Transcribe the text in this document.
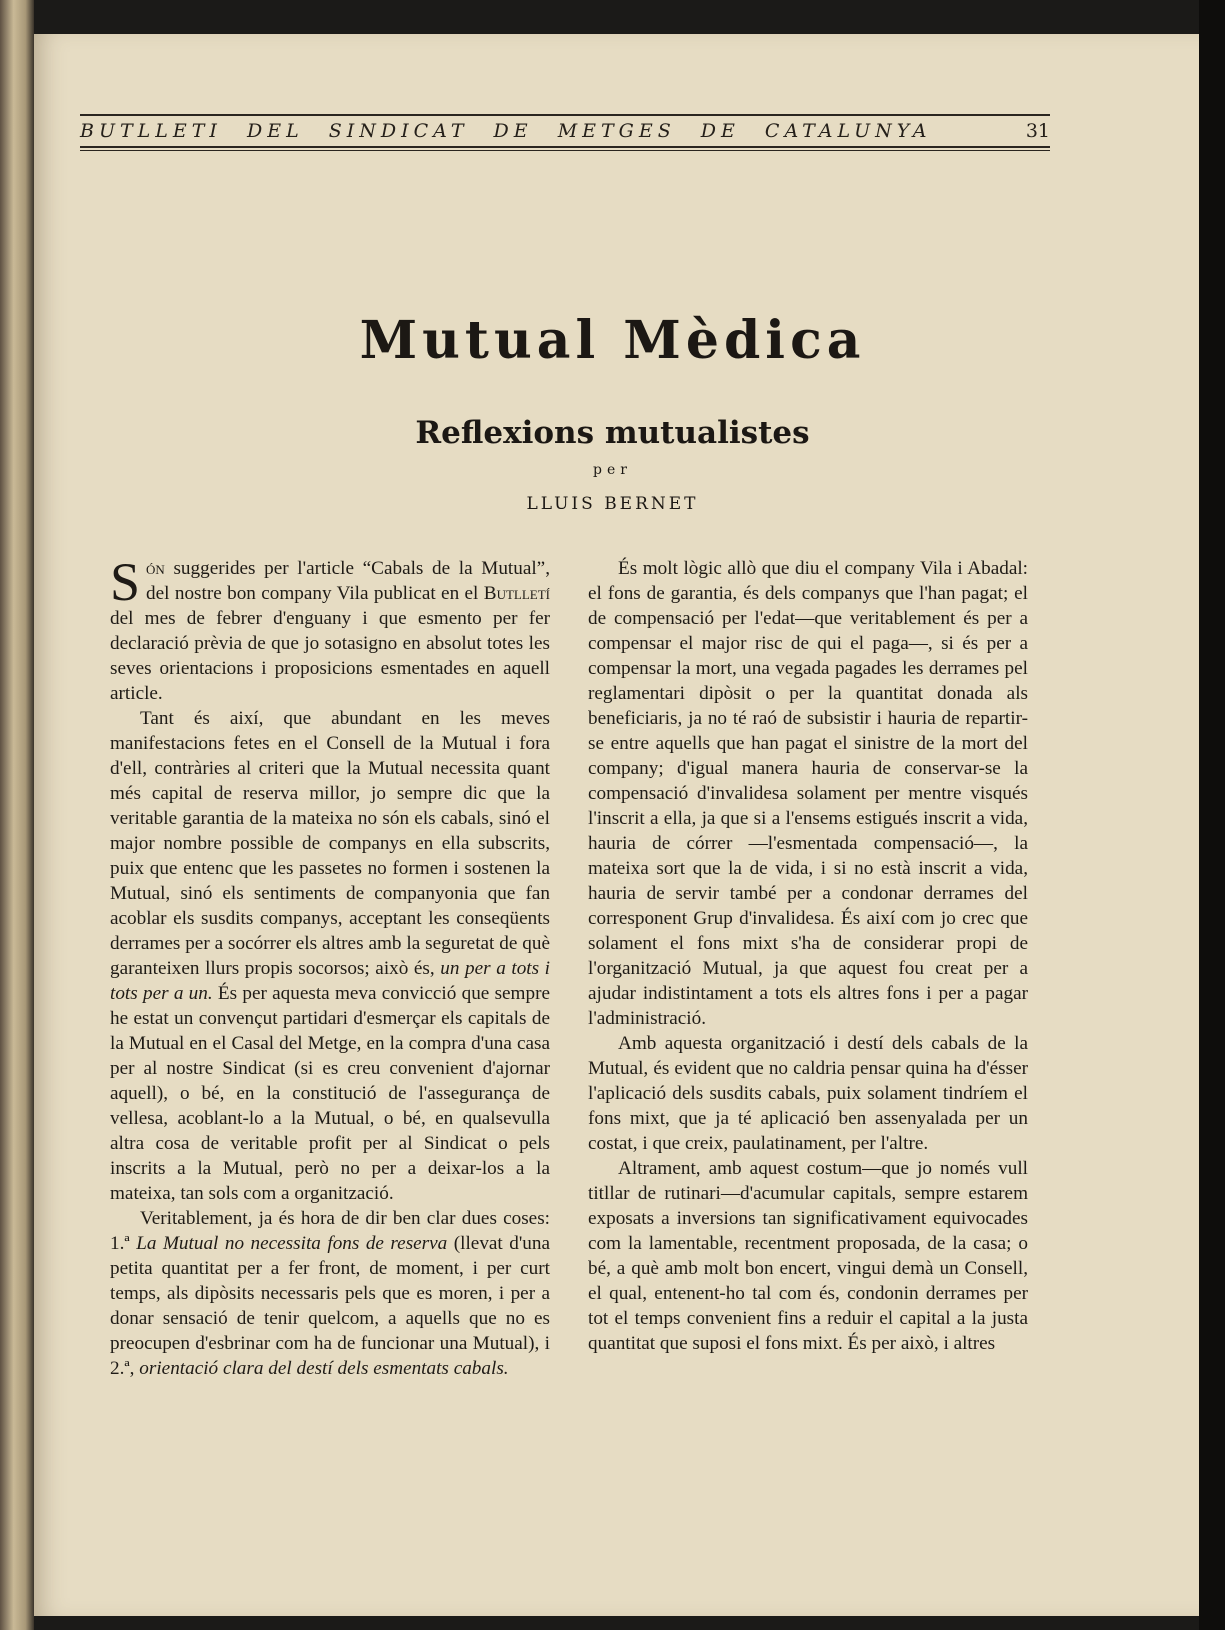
BUTLLETI DEL SINDICAT DE METGES DE CATALUNYA	31
Mutual Mèdica
Reflexions mutualistes
per
LLUIS BERNET

Són suggerides per l'article “Cabals de la Mutual”, del nostre bon company Vila publicat en el Butlletí del mes de febrer d'enguany i que esmento per fer declaració prèvia de que jo sotasigno en absolut totes les seves orientacions i proposicions esmentades en aquell article.

Tant és així, que abundant en les meves manifestacions fetes en el Consell de la Mutual i fora d'ell, contràries al criteri que la Mutual necessita quant més capital de reserva millor, jo sempre dic que la veritable garantia de la mateixa no són els cabals, sinó el major nombre possible de companys en ella subscrits, puix que entenc que les passetes no formen i sostenen la Mutual, sinó els sentiments de companyonia que fan acoblar els susdits companys, acceptant les conseqüents derrames per a socórrer els altres amb la seguretat de què garanteixen llurs propis socorsos; això és, un per a tots i tots per a un. És per aquesta meva convicció que sempre he estat un convençut partidari d'esmerçar els capitals de la Mutual en el Casal del Metge, en la compra d'una casa per al nostre Sindicat (si es creu convenient d'ajornar aquell), o bé, en la constitució de l'assegurança de vellesa, acoblant-lo a la Mutual, o bé, en qualsevulla altra cosa de veritable profit per al Sindicat o pels inscrits a la Mutual, però no per a deixar-los a la mateixa, tan sols com a organització.

Veritablement, ja és hora de dir ben clar dues coses: 1.ª La Mutual no necessita fons de reserva (llevat d'una petita quantitat per a fer front, de moment, i per curt temps, als dipòsits necessaris pels que es moren, i per a donar sensació de tenir quelcom, a aquells que no es preocupen d'esbrinar com ha de funcionar una Mutual), i 2.ª, orientació clara del destí dels esmentats cabals.

És molt lògic allò que diu el company Vila i Abadal: el fons de garantia, és dels companys que l'han pagat; el de compensació per l'edat—que veritablement és per a compensar el major risc de qui el paga—, si és per a compensar la mort, una vegada pagades les derrames pel reglamentari dipòsit o per la quantitat donada als beneficiaris, ja no té raó de subsistir i hauria de repartir-se entre aquells que han pagat el sinistre de la mort del company; d'igual manera hauria de conservar-se la compensació d'invalidesa solament per mentre visqués l'inscrit a ella, ja que si a l'ensems estigués inscrit a vida, hauria de córrer —l'esmentada compensació—, la mateixa sort que la de vida, i si no està inscrit a vida, hauria de servir també per a condonar derrames del corresponent Grup d'invalidesa. És així com jo crec que solament el fons mixt s'ha de considerar propi de l'organització Mutual, ja que aquest fou creat per a ajudar indistintament a tots els altres fons i per a pagar l'administració.

Amb aquesta organització i destí dels cabals de la Mutual, és evident que no caldria pensar quina ha d'ésser l'aplicació dels susdits cabals, puix solament tindríem el fons mixt, que ja té aplicació ben assenyalada per un costat, i que creix, paulatinament, per l'altre.

Altrament, amb aquest costum—que jo només vull titllar de rutinari—d'acumular capitals, sempre estarem exposats a inversions tan significativament equivocades com la lamentable, recentment proposada, de la casa; o bé, a què amb molt bon encert, vingui demà un Consell, el qual, entenent-ho tal com és, condonin derrames per tot el temps convenient fins a reduir el capital a la justa quantitat que suposi el fons mixt. És per això, i altres
